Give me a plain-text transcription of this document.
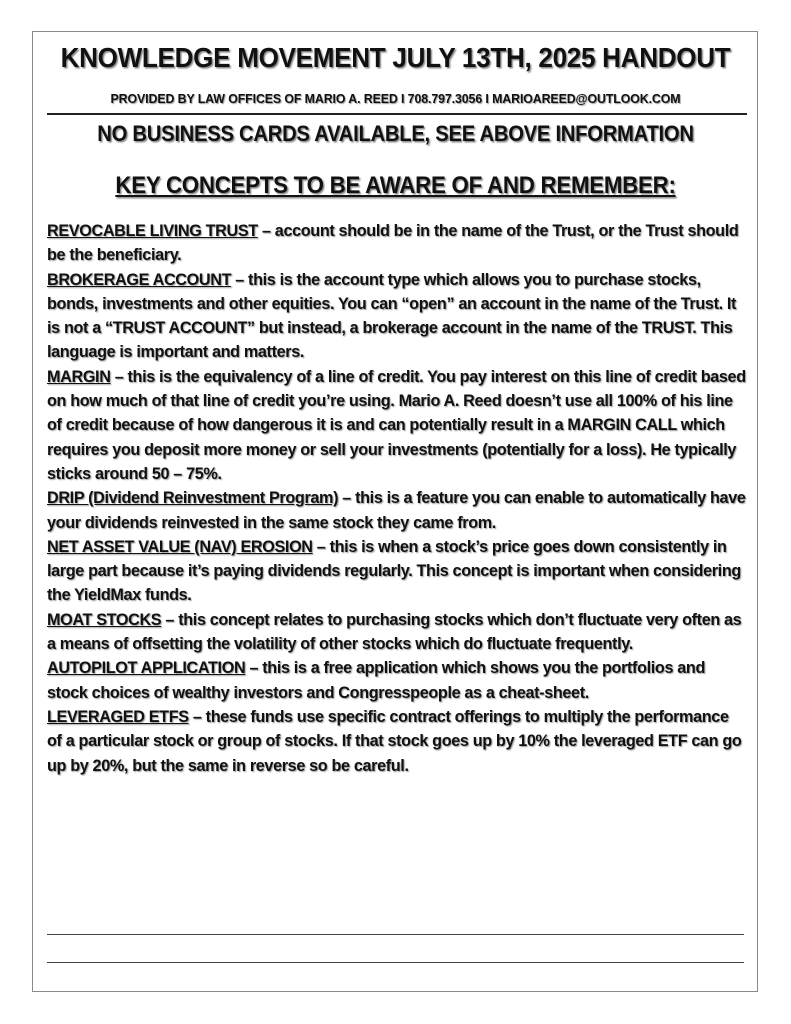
KNOWLEDGE MOVEMENT JULY 13TH, 2025 HANDOUT
PROVIDED BY LAW OFFICES OF MARIO A. REED I 708.797.3056 I MARIOAREED@OUTLOOK.COM
NO BUSINESS CARDS AVAILABLE, SEE ABOVE INFORMATION
KEY CONCEPTS TO BE AWARE OF AND REMEMBER:

REVOCABLE LIVING TRUST – account should be in the name of the Trust, or the Trust should be the beneficiary.

BROKERAGE ACCOUNT – this is the account type which allows you to purchase stocks, bonds, investments and other equities. You can “open” an account in the name of the Trust. It is not a “TRUST ACCOUNT” but instead, a brokerage account in the name of the TRUST. This language is important and matters.

MARGIN – this is the equivalency of a line of credit. You pay interest on this line of credit based on how much of that line of credit you’re using. Mario A. Reed doesn’t use all 100% of his line of credit because of how dangerous it is and can potentially result in a MARGIN CALL which requires you deposit more money or sell your investments (potentially for a loss). He typically sticks around 50 – 75%.

DRIP (Dividend Reinvestment Program) – this is a feature you can enable to automatically have your dividends reinvested in the same stock they came from.

NET ASSET VALUE (NAV) EROSION – this is when a stock’s price goes down consistently in large part because it’s paying dividends regularly. This concept is important when considering the YieldMax funds.

MOAT STOCKS – this concept relates to purchasing stocks which don’t fluctuate very often as a means of offsetting the volatility of other stocks which do fluctuate frequently.

AUTOPILOT APPLICATION – this is a free application which shows you the portfolios and stock choices of wealthy investors and Congresspeople as a cheat-sheet.

LEVERAGED ETFS – these funds use specific contract offerings to multiply the performance of a particular stock or group of stocks. If that stock goes up by 10% the leveraged ETF can go up by 20%, but the same in reverse so be careful.
